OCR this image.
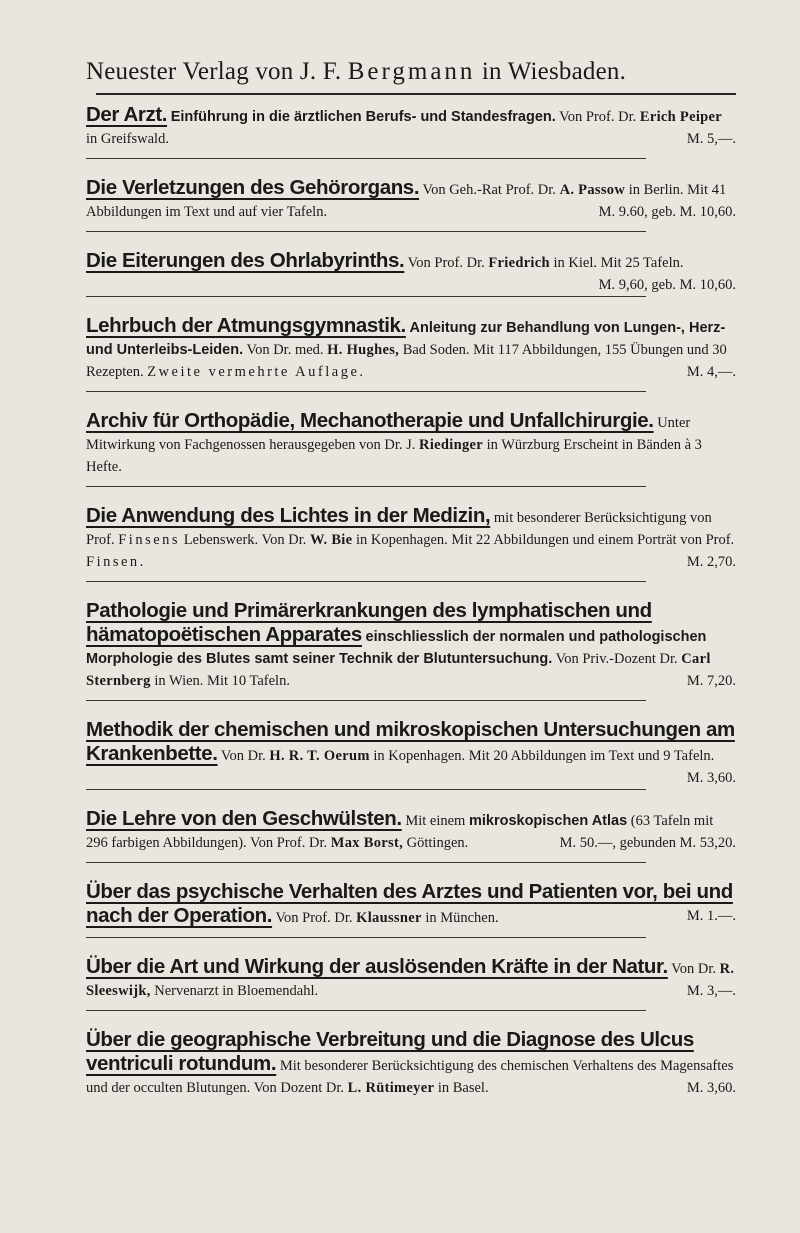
Neuester Verlag von J. F. Bergmann in Wiesbaden.

Der Arzt. Einführung in die ärztlichen Berufs- und Standesfragen. Von Prof. Dr. Erich Peiper in Greifswald.	M. 5,—.

Die Verletzungen des Gehörorgans. Von Geh.-Rat Prof. Dr. A. Passow in Berlin. Mit 41 Abbildungen im Text und auf vier Tafeln.	M. 9.60, geb. M. 10,60.

Die Eiterungen des Ohrlabyrinths. Von Prof. Dr. Friedrich in Kiel. Mit 25 Tafeln.
M. 9,60, geb. M. 10,60.

Lehrbuch der Atmungsgymnastik. Anleitung zur Behandlung von Lungen-, Herz- und Unterleibs-Leiden. Von Dr. med. H. Hughes, Bad Soden. Mit 117 Abbildungen, 155 Übungen und 30 Rezepten. Zweite vermehrte Auflage.	M. 4,—.

Archiv für Orthopädie, Mechanotherapie und Unfallchirurgie. Unter Mitwirkung von Fachgenossen herausgegeben von Dr. J. Riedinger in Würzburg Erscheint in Bänden à 3 Hefte.

Die Anwendung des Lichtes in der Medizin, mit besonderer Berücksichtigung von Prof. Finsens Lebenswerk. Von Dr. W. Bie in Kopenhagen. Mit 22 Abbildungen und einem Porträt von Prof. Finsen.	M. 2,70.

Pathologie und Primärerkrankungen des lymphatischen und hämatopoëtischen Apparates einschliesslich der normalen und pathologischen Morphologie des Blutes samt seiner Technik der Blutuntersuchung. Von Priv.-Dozent Dr. Carl Sternberg in Wien. Mit 10 Tafeln.	M. 7,20.

Methodik der chemischen und mikroskopischen Untersuchungen am Krankenbette. Von Dr. H. R. T. Oerum in Kopenhagen. Mit 20 Abbildungen im Text und 9 Tafeln.
M. 3,60.

Die Lehre von den Geschwülsten. Mit einem mikroskopischen Atlas (63 Tafeln mit 296 farbigen Abbildungen). Von Prof. Dr. Max Borst, Göttingen.	M. 50.—, gebunden M. 53,20.

Über das psychische Verhalten des Arztes und Patienten vor, bei und nach der Operation. Von Prof. Dr. Klaussner in München.	M. 1.—.

Über die Art und Wirkung der auslösenden Kräfte in der Natur. Von Dr. R. Sleeswijk, Nervenarzt in Bloemendahl.	M. 3,—.

Über die geographische Verbreitung und die Diagnose des Ulcus ventriculi rotundum. Mit besonderer Berücksichtigung des chemischen Verhaltens des Magensaftes und der occulten Blutungen. Von Dozent Dr. L. Rütimeyer in Basel.	M. 3,60.
